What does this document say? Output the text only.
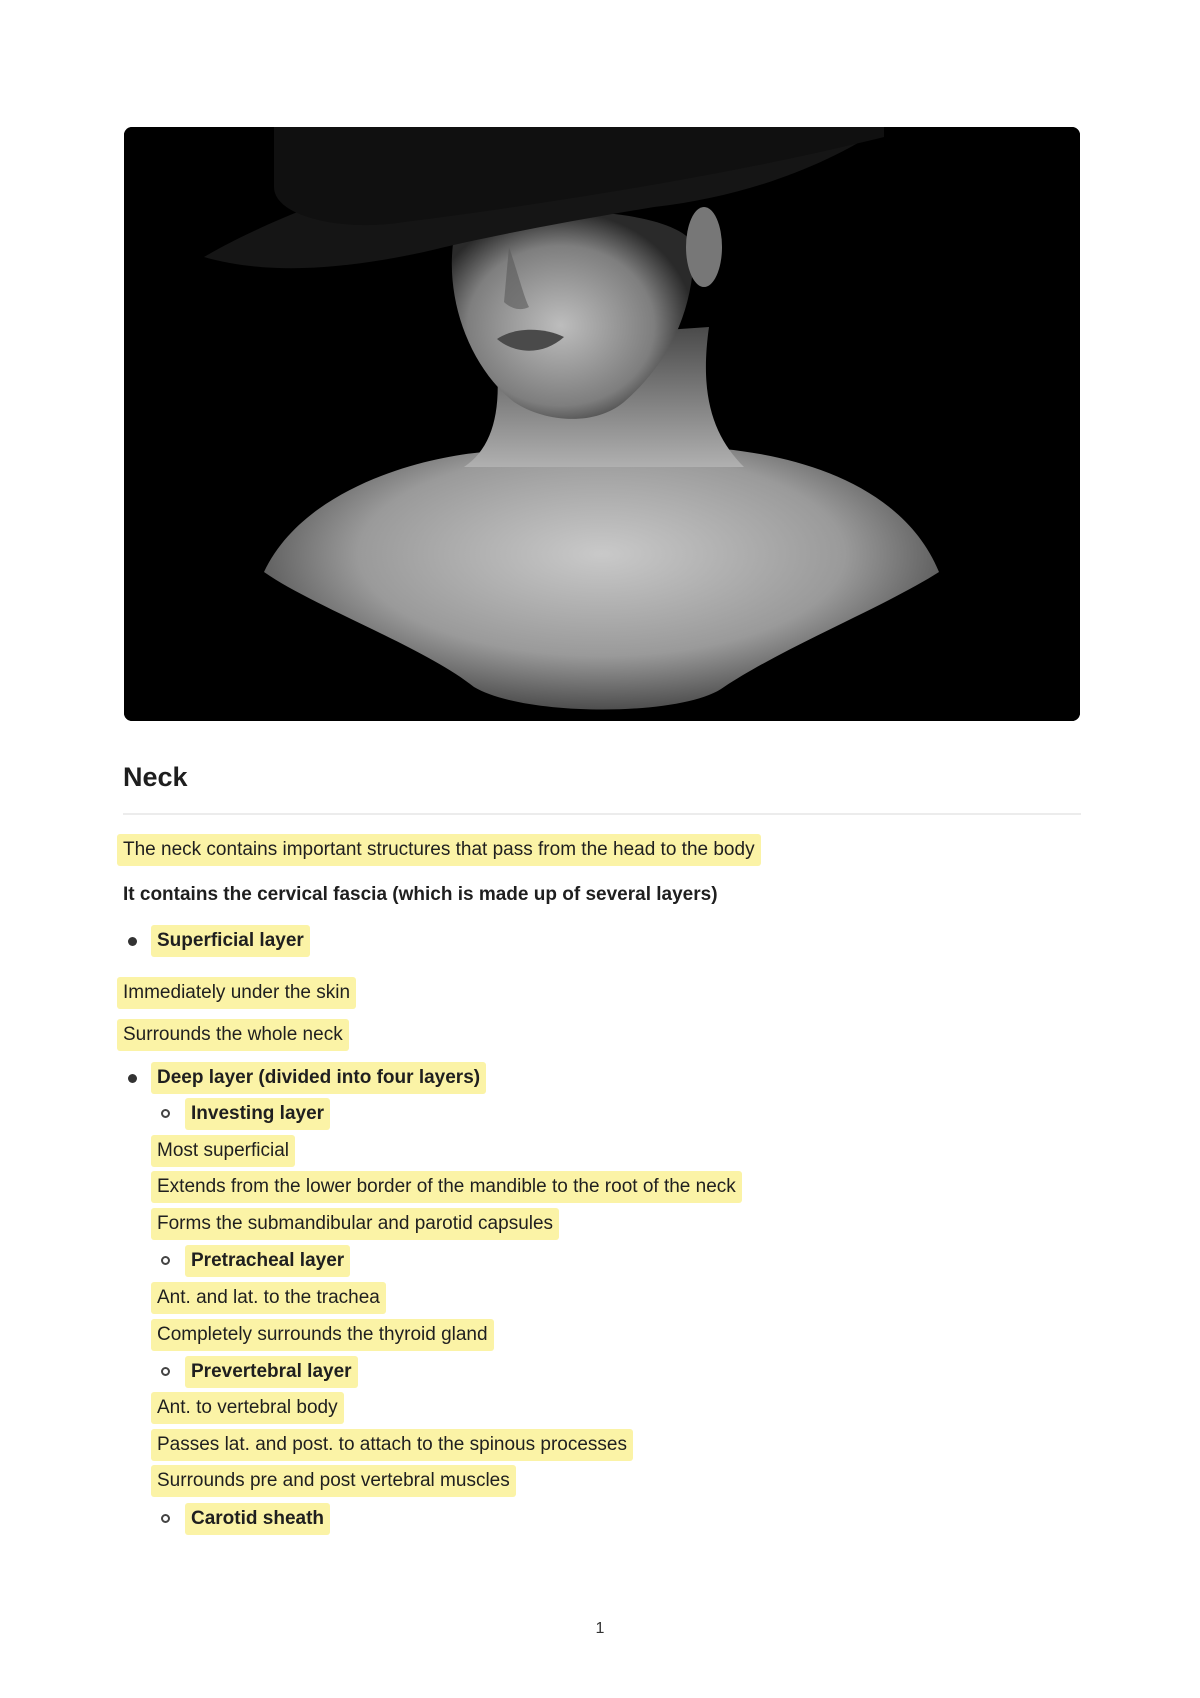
Neck
The neck contains important structures that pass from the head to the body
It contains the cervical fascia (which is made up of several layers)
Superficial layer
Immediately under the skin
Surrounds the whole neck
Deep layer (divided into four layers)
Investing layer
Most superficial
Extends from the lower border of the mandible to the root of the neck
Forms the submandibular and parotid capsules
Pretracheal layer
Ant. and lat. to the trachea
Completely surrounds the thyroid gland
Prevertebral layer
Ant. to vertebral body
Passes lat. and post. to attach to the spinous processes
Surrounds pre and post vertebral muscles
Carotid sheath
1
